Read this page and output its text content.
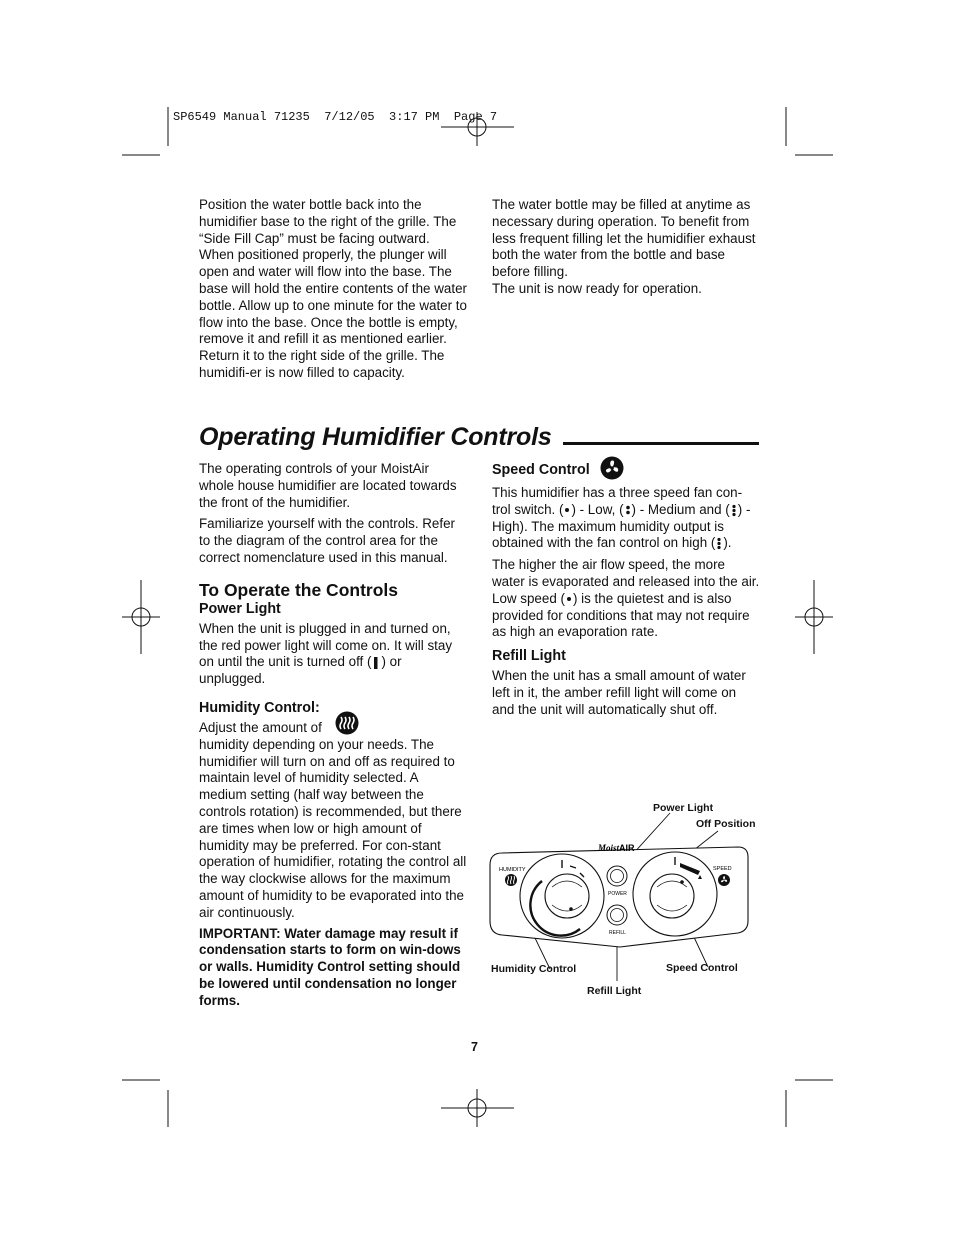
SP6549 Manual 71235  7/12/05  3:17 PM  Page 7

Position the water bottle back into the humidifier base to the right of the grille. The “Side Fill Cap” must be facing outward. When positioned properly, the plunger will open and water will flow into the base. The base will hold the entire contents of the water bottle. Allow up to one minute for the water to flow into the base. Once the bottle is empty, remove it and refill it as mentioned earlier. Return it to the right side of the grille. The humidifi-er is now filled to capacity.

The water bottle may be filled at anytime as necessary during operation. To benefit from less frequent filling let the humidifier exhaust both the water from the bottle and base before filling.

The unit is now ready for operation.

Operating Humidifier Controls

The operating controls of your MoistAir whole house humidifier are located towards the front of the humidifier.

Familiarize yourself with the controls. Refer to the diagram of the control area for the correct nomenclature used in this manual.

To Operate the Controls
Power Light

When the unit is plugged in and turned on, the red power light will come on. It will stay on until the unit is turned off ( ) or unplugged.

Humidity Control:

Adjust the amount of
humidity depending on your needs. The humidifier will turn on and off as required to maintain level of humidity selected. A medium setting (half way between the controls rotation) is recommended, but there are times when low or high amount of humidity may be preferred. For con-stant operation of humidifier, rotating the control all the way clockwise allows for the maximum amount of humidity to be evaporated into the air continuously.

IMPORTANT: Water damage may result if condensation starts to form on win-dows or walls. Humidity Control setting should be lowered until condensation no longer forms.

Speed Control

This humidifier has a three speed fan con-trol switch. ( ) - Low, ( ) - Medium and ( ) - High). The maximum humidity output is obtained with the fan control on high ( ).

The higher the air flow speed, the more water is evaporated and released into the air. Low speed ( ) is the quietest and is also provided for conditions that may not require as high an evaporation rate.

Refill Light

When the unit has a small amount of water left in it, the amber refill light will come on and the unit will automatically shut off.

HUMIDITY
MoistAIR
POWER
REFILL
SPEED
Power Light
Off Position
Humidity Control	Speed Control
Refill Light
7
